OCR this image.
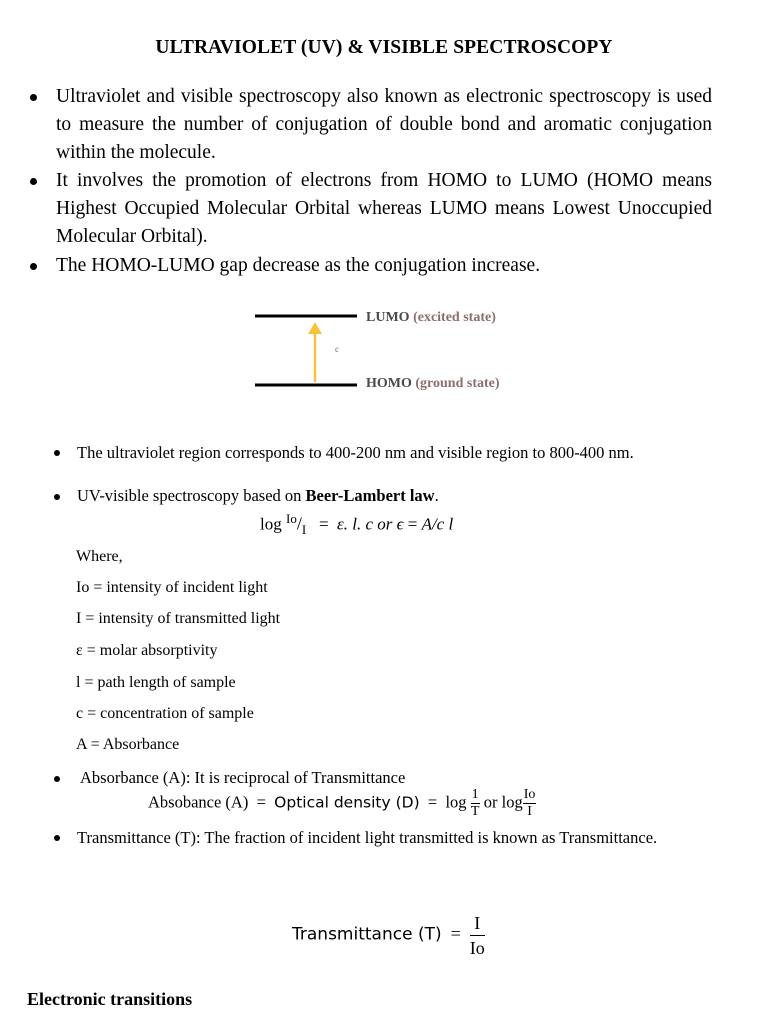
ULTRAVIOLET (UV) & VISIBLE SPECTROSCOPY
Ultraviolet and visible spectroscopy also known as electronic spectroscopy is used to measure the number of conjugation of double bond and aromatic conjugation within the molecule.
It involves the promotion of electrons from HOMO to LUMO (HOMO means Highest Occupied Molecular Orbital whereas LUMO means Lowest Unoccupied Molecular Orbital).
The HOMO-LUMO gap decrease as the conjugation increase.
є
LUMO (excited state)
HOMO (ground state)
The ultraviolet region corresponds to 400-200 nm and visible region to 800-400 nm.
UV-visible spectroscopy based on Beer-Lambert law.
$\log ^{Io}/_I = \varepsilon$. l. c or ϵ = A/c l
Where,
Io = intensity of incident light
I = intensity of transmitted light
ε = molar absorptivity
l = path length of sample
c = concentration of sample
A = Absorbance
Absorbance (A): It is reciprocal of Transmittance
Absobance (A) = Optical density $(D) = \log \frac{1}{T}$ or $\log \frac{Io}{I}$
Transmittance (T): The fraction of incident light transmitted is known as Transmittance.
Transmittance $(T) = \frac{I}{Io}$
Electronic transitions
